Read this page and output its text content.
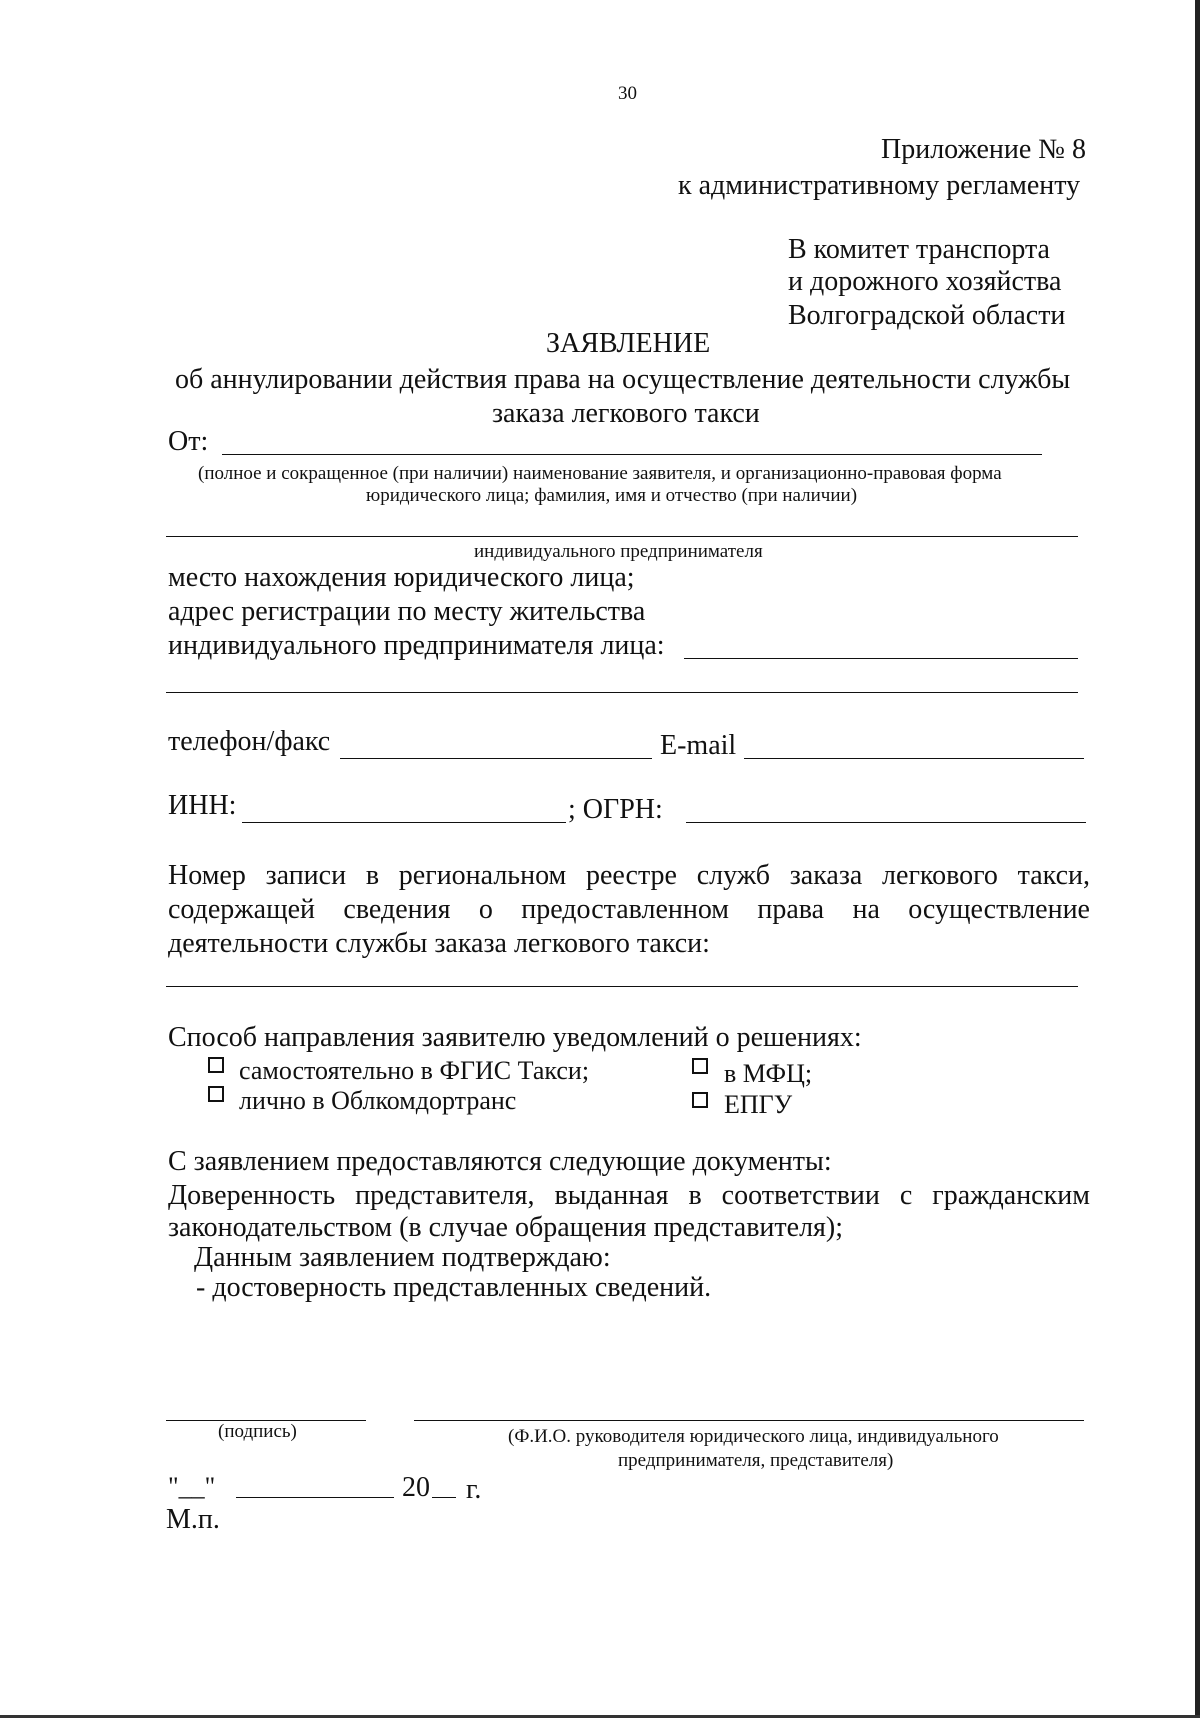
30
Приложение № 8
к административному регламенту
В комитет транспорта
и дорожного хозяйства
Волгоградской области
ЗАЯВЛЕНИЕ
об аннулировании действия права на осуществление деятельности службы
заказа легкового такси
От:
(полное и сокращенное (при наличии) наименование заявителя, и организационно-правовая форма
юридического лица; фамилия, имя и отчество (при наличии)
индивидуального предпринимателя
место нахождения юридического лица;
адрес регистрации по месту жительства
индивидуального предпринимателя лица:
телефон/факс	E-mail
ИНН:	; ОГРН:
Номер записи в региональном реестре служб заказа легкового такси,
содержащей сведения о предоставленном права на осуществление
деятельности службы заказа легкового такси:
Способ направления заявителю уведомлений о решениях:
самостоятельно в ФГИС Такси;	в МФЦ;
лично в Облкомдортранс	ЕПГУ
С заявлением предоставляются следующие документы:
Доверенность представителя, выданная в соответствии с гражданским
законодательством (в случае обращения представителя);
Данным заявлением подтверждаю:
- достоверность представленных сведений.
(подпись)	(Ф.И.О. руководителя юридического лица, индивидуального
предпринимателя, представителя)
"__"	20 г.
М.п.
